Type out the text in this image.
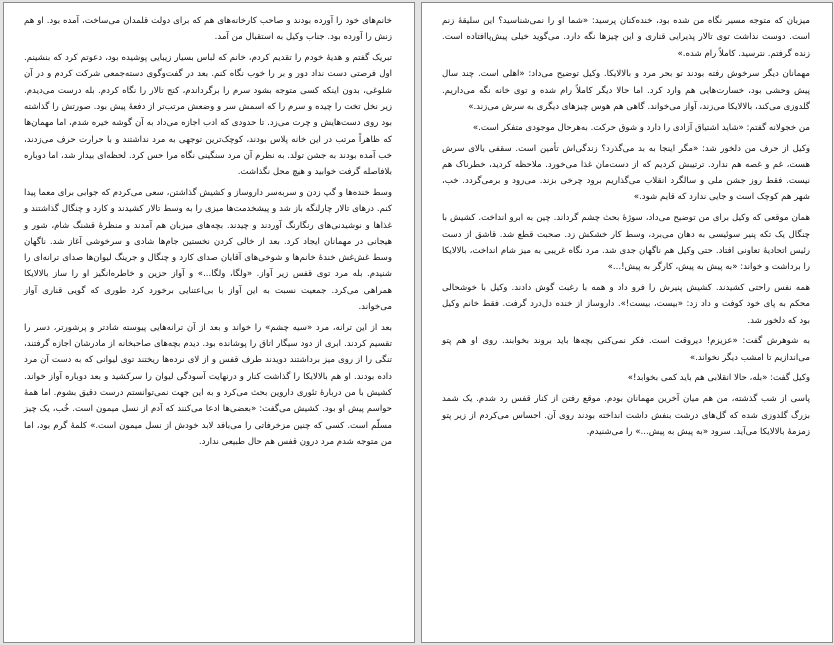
خانم‌های خود را آورده بودند و صاحب کارخانه‌های هم که برای دولت قلمدان می‌ساخت، آمده بود. او هم زنش را آورده بود. جناب وکیل به استقبال من آمد.

تبریک گفتم و هدیهٔ خودم را تقدیم کردم، خانم که لباس بسیار زیبایی پوشیده بود، دعوتم کرد که بنشینم. اول فرصتی دست نداد دور و بر را خوب نگاه کنم. بعد در گفت‌وگوی دسته‌جمعی شرکت کردم و در آن شلوغی، بدون اینکه کسی متوجه بشود سرم را برگرداندم، کنج تالار را نگاه کردم. بله درست می‌دیدم. زیر نخل تخت را چیده و سرم را که اسمش سر و وضعش مرتب‌تر از دفعهٔ پیش بود. صورتش را گذاشته بود روی دست‌هایش و چرت می‌زد. تا حدودی که ادب اجازه می‌داد به آن گوشه خیره شدم، اما مهمان‌ها که ظاهراً مرتب در این خانه پلاس بودند، کوچک‌ترین توجهی به مرد نداشتند و با حرارت حرف می‌زدند، خب آمده بودند به جشن تولد. به نظرم آن مرد سنگینی نگاه مرا حس کرد. لحظه‌ای بیدار شد، اما دوباره بلافاصله گرفت خوابید و هیچ محل نگذاشت.

وسط خنده‌ها و گپ زدن و سربه‌سر داروساز و کشیش گذاشتن، سعی می‌کردم که جوابی برای معما پیدا کنم. درهای تالار چارلنگه باز شد و پیشخدمت‌ها میزی را به وسط تالار کشیدند و کارد و چنگال گذاشتند و غذاها و نوشیدنی‌های رنگارنگ آوردند و چیدند. بچه‌های میزبان هم آمدند و منظرهٔ قشنگ شام، شور و هیجانی در مهمانان ایجاد کرد. بعد از خالی کردن نخستین جام‌ها شادی و سرخوشی آغاز شد. ناگهان وسط غش‌غش خندهٔ خانم‌ها و شوخی‌های آقایان صدای کارد و چنگال و جرینگ لیوان‌ها صدای ترانه‌ای را شنیدم. بله مرد توی قفس زیر آواز. «ولگا، ولگا...» و آواز حزین و خاطره‌انگیز او را ساز بالالایکا همراهی می‌کرد. جمعیت نسبت به این آواز با بی‌اعتنایی برخورد کرد طوری که گویی قناری آواز می‌خواند.

بعد از این ترانه، مرد «سیه چشم» را خواند و بعد از آن ترانه‌هایی پیوسته شادتر و پرشورتر، دسر را تقسیم کردند. ابری از دود سیگار اتاق را پوشانده بود. دیدم بچه‌های صاحبخانه از مادرشان اجازه گرفتند، تنگی را از روی میز برداشتند دویدند طرف قفس و از لای نرده‌ها ریختند توی لیوانی که به دست آن مرد داده بودند. او هم بالالایکا را گذاشت کنار و درنهایت آسودگی لیوان را سرکشید و بعد دوباره آواز خواند. کشیش با من دربارهٔ تئوری داروین بحث می‌کرد و به این جهت نمی‌توانستم درست دقیق بشوم. اما همهٔ حواسم پیش او بود. کشیش می‌گفت: «بعضی‌ها ادعا می‌کنند که آدم از نسل میمون است. خُب، یک چیز مسلّم است. کسی که چنین مزخرفاتی را می‌بافد لابد خودش از نسل میمون است.» کلمهٔ گرم بود، اما من متوجه شدم مرد درون قفس هم حال طبیعی ندارد.

میزبان که متوجه مسیر نگاه من شده بود، خنده‌کنان پرسید: «شما او را نمی‌شناسید؟ این سلیقهٔ زنم است. دوست نداشت توی تالار پذیرایی قناری و این چیزها نگه دارد. می‌گوید خیلی پیش‌پاافتاده است. زنده گرفتم. نترسید. کاملاً رام شده.»

مهمانان دیگر سرخوش رفته بودند تو بحر مرد و بالالایکا. وکیل توضیح می‌داد: «اهلی است. چند سال پیش وحشی بود، خسارت‌هایی هم وارد کرد. اما حالا دیگر کاملاً رام شده و توی خانه نگه می‌داریم. گلدوزی می‌کند، بالالایکا می‌زند، آواز می‌خواند. گاهی هم هوس چیزهای دیگری به سرش می‌زند.»

من خجولانه گفتم: «شاید اشتیاق آزادی را دارد و شوق حرکت. به‌هرحال موجودی متفکر است.»

وکیل از حرف من دلخور شد: «مگر اینجا به بد می‌گذرد؟ زندگی‌اش تأمین است. سقفی بالای سرش هست، غم و غصه هم ندارد. ترتیبش کردیم که از دست‌مان غذا می‌خورد. ملاحظه کردید، خطرناک هم نیست. فقط روز جشن ملی و سالگرد انقلاب می‌گذاریم برود چرخی بزند. می‌رود و برمی‌گردد. خب، شهر هم کوچک است و جایی ندارد که قایم شود.»

همان موقعی که وکیل برای من توضیح می‌داد، سوژهٔ بحث چشم گرداند. چین به ابرو انداخت. کشیش با چنگال یک تکه پنیر سوئیسی به دهان می‌برد، وسط کار خشکش زد. صحبت قطع شد. قاشق از دست رئیس اتحادیهٔ تعاونی افتاد. حتی وکیل هم ناگهان جدی شد. مرد نگاه غریبی به میز شام انداخت، بالالایکا را برداشت و خواند: «به پیش به پیش، کارگر به پیش!...»

همه نفس راحتی کشیدند. کشیش پنیرش را فرو داد و همه با رغبت گوش دادند. وکیل با خوشحالی محکم به پای خود کوفت و داد زد: «بیست، بیست!». داروساز از خنده دل‌درد گرفت. فقط خانم وکیل بود که دلخور شد.

به شوهرش گفت: «عزیزم! دیروقت است. فکر نمی‌کنی بچه‌ها باید بروند بخوابند. روی او هم پتو می‌اندازیم تا امشب دیگر نخواند.»

وکیل گفت: «بله، حالا انقلابی هم باید کمی بخوابد!»

پاسی از شب گذشته، من هم میان آخرین مهمانان بودم. موقع رفتن از کنار قفس رد شدم. یک شمد بزرگ گلدوزی شده که گل‌های درشت بنفش داشت انداخته بودند روی آن. احساس می‌کردم از زیر پتو زمزمهٔ بالالایکا می‌آید. سرود «به پیش به پیش...» را می‌شنیدم.
